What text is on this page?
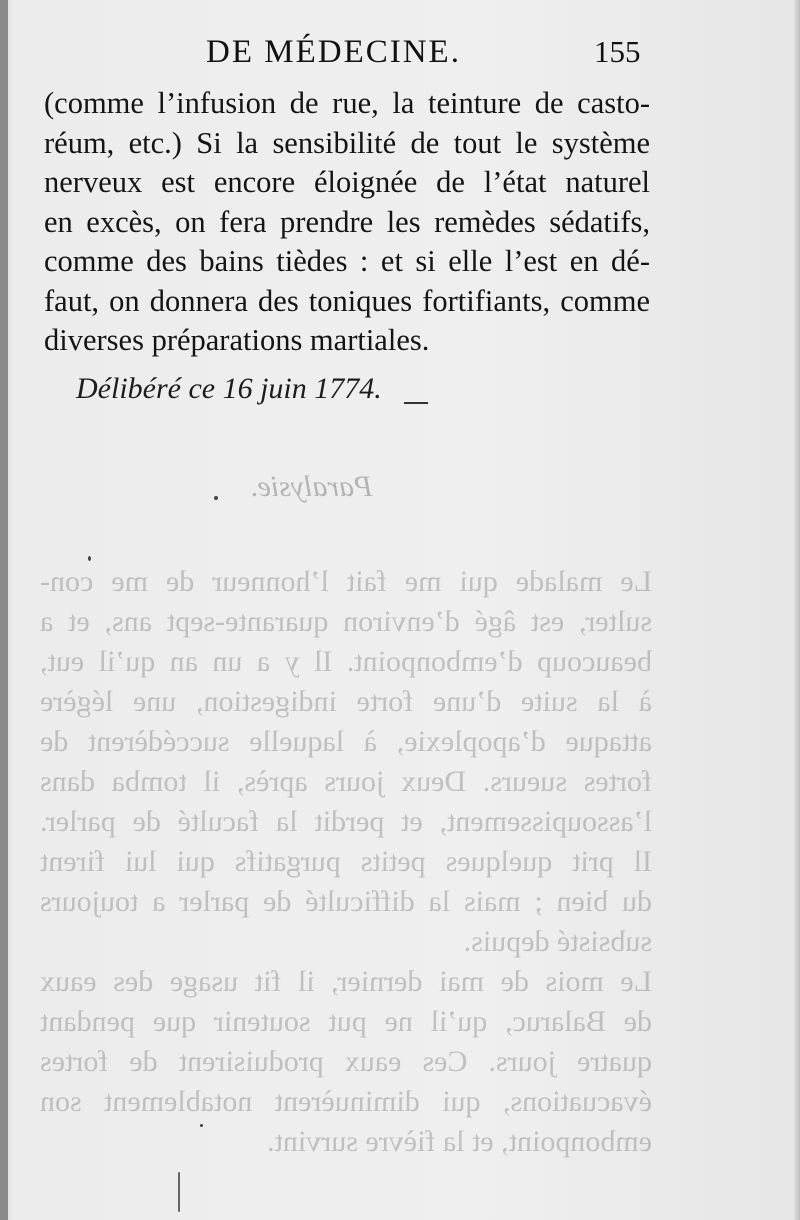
Paralysie.
Le malade qui me fait l’honneur de me con-
sulter, est âgé d’environ quarante-sept ans, et a
beaucoup d’embonpoint. Il y a un an qu’il eut,
à la suite d’une forte indigestion, une légère
attaque d’apoplexie, à laquelle succédèrent de
fortes sueurs. Deux jours après, il tomba dans
l’assoupissement, et perdit la faculté de parler.
Il prit quelques petits purgatifs qui lui firent
du bien ; mais la difficulté de parler a toujours
subsisté depuis.
Le mois de mai dernier, il fit usage des eaux
de Balaruc, qu’il ne put soutenir que pendant
quatre jours. Ces eaux produisirent de fortes
évacuations, qui diminuèrent notablement son
embonpoint, et la fièvre survint.
DE MÉDECINE.	155
(comme l’infusion de rue, la teinture de casto-
réum, etc.) Si la sensibilité de tout le système
nerveux est encore éloignée de l’état naturel
en excès, on fera prendre les remèdes sédatifs,
comme des bains tièdes : et si elle l’est en dé-
faut, on donnera des toniques fortifiants, comme
diverses préparations martiales.
Délibéré ce 16 juin 1774.
